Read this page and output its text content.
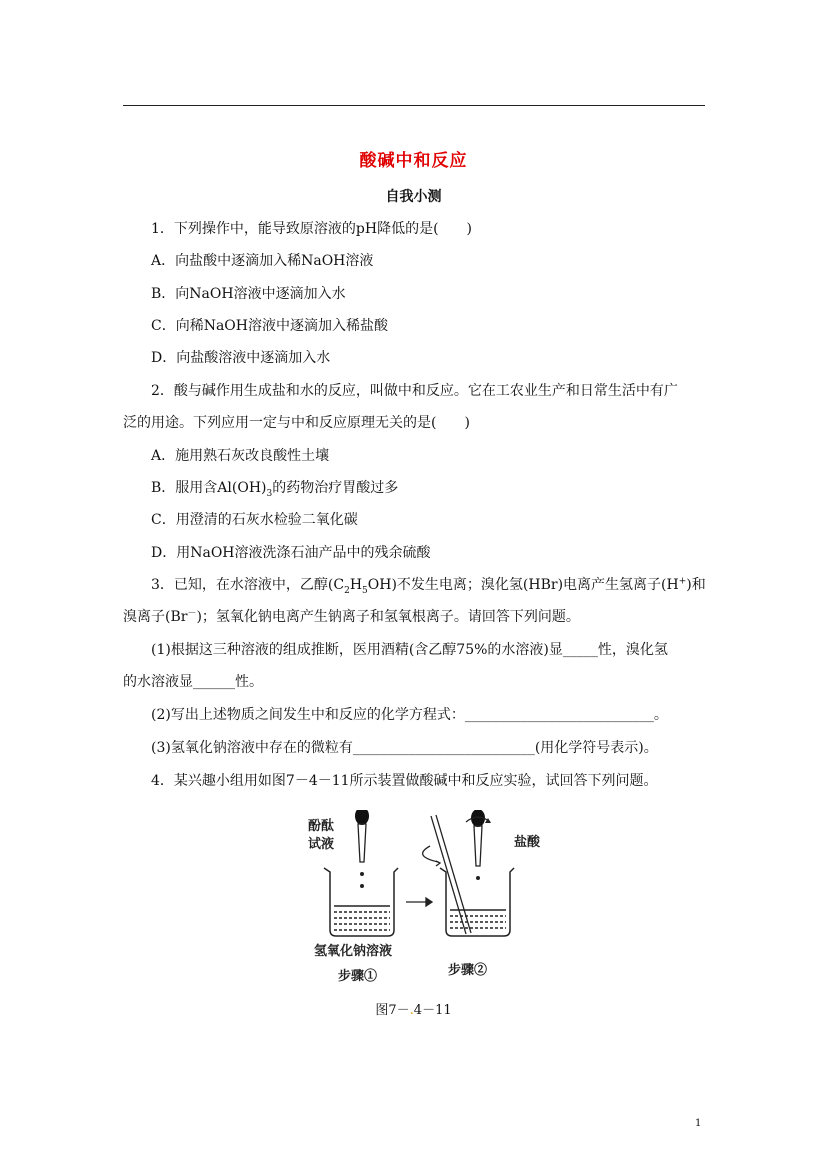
酸碱中和反应
自我小测
1．下列操作中，能导致原溶液的pH降低的是(　　)
A．向盐酸中逐滴加入稀NaOH溶液
B．向NaOH溶液中逐滴加入水
C．向稀NaOH溶液中逐滴加入稀盐酸
D．向盐酸溶液中逐滴加入水
2．酸与碱作用生成盐和水的反应，叫做中和反应。它在工农业生产和日常生活中有广
泛的用途。下列应用一定与中和反应原理无关的是(　　)
A．施用熟石灰改良酸性土壤
B．服用含$Al(OH)_3$的药物治疗胃酸过多
C．用澄清的石灰水检验二氧化碳
D．用NaOH溶液洗涤石油产品中的残余硫酸
3．已知，在水溶液中，乙醇$(C_2H_5OH)$不发生电离；溴化氢(HBr)电离产生氢离子(H+)和
溴离子(Br－)；氢氧化钠电离产生钠离子和氢氧根离子。请回答下列问题。
(1)根据这三种溶液的组成推断，医用酒精(含乙醇75%的水溶液)显_____性，溴化氢
的水溶液显______性。
(2)写出上述物质之间发生中和反应的化学方程式：___________________________。
(3)氢氧化钠溶液中存在的微粒有__________________________(用化学符号表示)。
4．某兴趣小组用如图7－4－11所示装置做酸碱中和反应实验，试回答下列问题。
酚酞
试液	盐酸
氢氧化钠溶液
步骤①	步骤②
图7－.4－11
1
